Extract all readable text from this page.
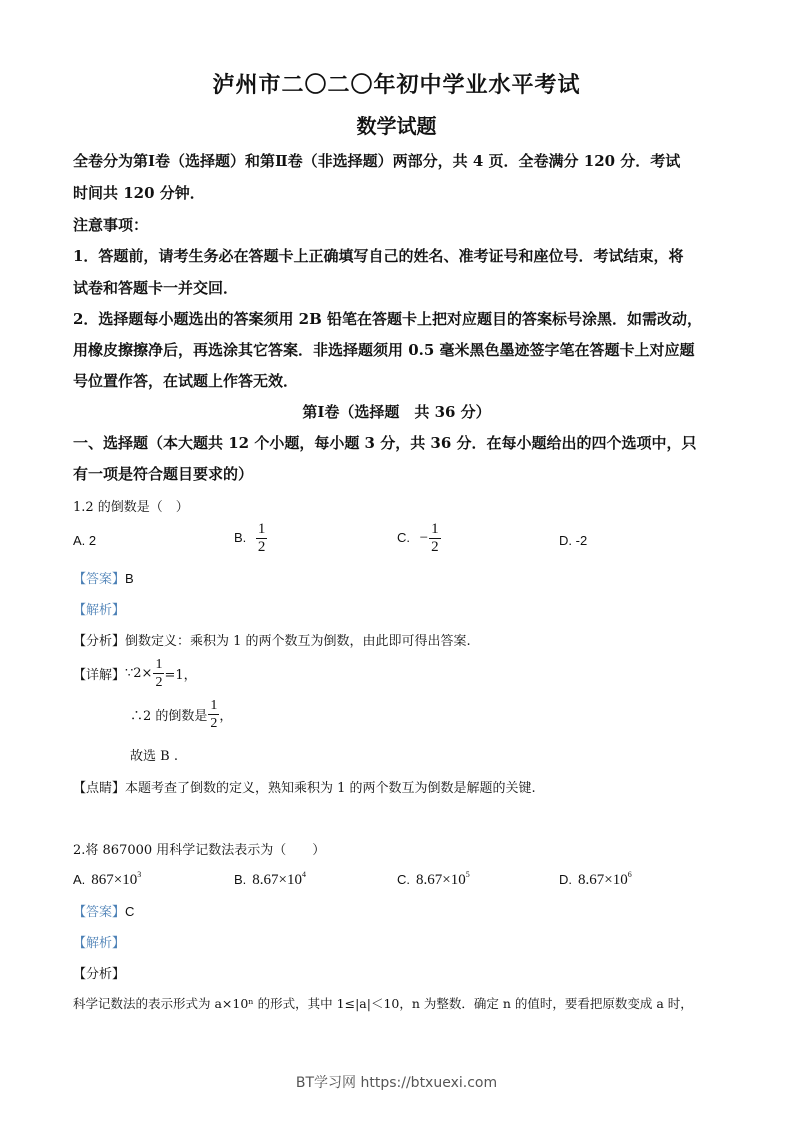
泸州市二〇二〇年初中学业水平考试
数学试题
全卷分为第Ⅰ卷（选择题）和第Ⅱ卷（非选择题）两部分，共 4 页．全卷满分 120 分．考试
时间共 120 分钟．
注意事项：
1．答题前，请考生务必在答题卡上正确填写自己的姓名、准考证号和座位号．考试结束，将
试卷和答题卡一并交回．
2．选择题每小题选出的答案须用 2B 铅笔在答题卡上把对应题目的答案标号涂黑．如需改动，
用橡皮擦擦净后，再选涂其它答案．非选择题须用 0.5 毫米黑色墨迹签字笔在答题卡上对应题
号位置作答，在试题上作答无效．
第Ⅰ卷（选择题　共 36 分）
一、选择题（本大题共 12 个小题，每小题 3 分，共 36 分．在每小题给出的四个选项中，只
有一项是符合题目要求的）
1.2 的倒数是（　）
A. 2	B. $\frac{1}{2}$	C. − $\frac{1}{2}$	D. -2
【答案】B
【解析】
【分析】倒数定义：乘积为 1 的两个数互为倒数，由此即可得出答案.
【详解】 ∵2× $\frac{1}{2} =1$，
∴2 的倒数是 $\frac{1}{2}$ ，
故选 B .
【点睛】本题考查了倒数的定义，熟知乘积为 1 的两个数互为倒数是解题的关键.
2.将 867000 用科学记数法表示为（　　）
A. $867\times 10^3$	B. $8.67\times 10^4$	C. $8.67\times 10^5$	D. $8.67\times 10^6$
【答案】C
【解析】
【分析】
科学记数法的表示形式为 a×10ⁿ 的形式，其中 1≤|a|＜10，n 为整数．确定 n 的值时，要看把原数变成 a 时，
BT学习网 https://btxuexi.com
